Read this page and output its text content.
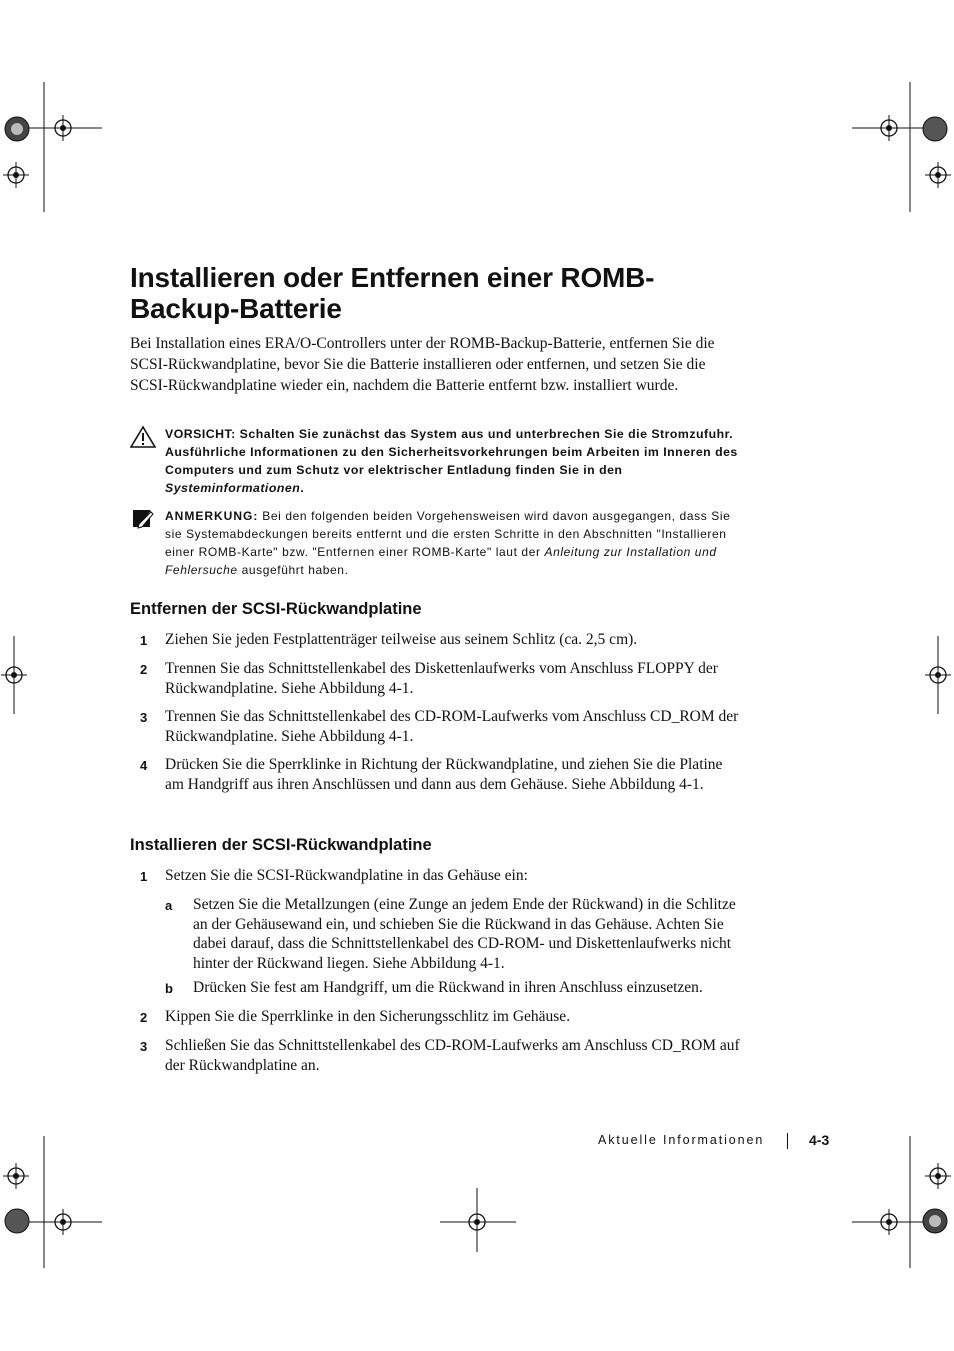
Installieren oder Entfernen einer ROMB-
Backup-Batterie

Bei Installation eines ERA/O-Controllers unter der ROMB-Backup-Batterie, entfernen Sie die SCSI-Rückwandplatine, bevor Sie die Batterie installieren oder entfernen, und setzen Sie die SCSI-Rückwandplatine wieder ein, nachdem die Batterie entfernt bzw. installiert wurde.

VORSICHT: Schalten Sie zunächst das System aus und unterbrechen Sie die Stromzufuhr. Ausführliche Informationen zu den Sicherheitsvorkehrungen beim Arbeiten im Inneren des Computers und zum Schutz vor elektrischer Entladung finden Sie in den Systeminformationen.
ANMERKUNG: Bei den folgenden beiden Vorgehensweisen wird davon ausgegangen, dass Sie sie Systemabdeckungen bereits entfernt und die ersten Schritte in den Abschnitten "Installieren einer ROMB-Karte" bzw. "Entfernen einer ROMB-Karte" laut der Anleitung zur Installation und Fehlersuche ausgeführt haben.
Entfernen der SCSI-Rückwandplatine
1 Ziehen Sie jeden Festplattenträger teilweise aus seinem Schlitz (ca. 2,5 cm).
2 Trennen Sie das Schnittstellenkabel des Diskettenlaufwerks vom Anschluss FLOPPY der Rückwandplatine. Siehe Abbildung 4-1.
3 Trennen Sie das Schnittstellenkabel des CD-ROM-Laufwerks vom Anschluss CD_ROM der Rückwandplatine. Siehe Abbildung 4-1.
4 Drücken Sie die Sperrklinke in Richtung der Rückwandplatine, und ziehen Sie die Platine am Handgriff aus ihren Anschlüssen und dann aus dem Gehäuse. Siehe Abbildung 4-1.
Installieren der SCSI-Rückwandplatine
1 Setzen Sie die SCSI-Rückwandplatine in das Gehäuse ein:
a Setzen Sie die Metallzungen (eine Zunge an jedem Ende der Rückwand) in die Schlitze an der Gehäusewand ein, und schieben Sie die Rückwand in das Gehäuse. Achten Sie dabei darauf, dass die Schnittstellenkabel des CD-ROM- und Diskettenlaufwerks nicht hinter der Rückwand liegen. Siehe Abbildung 4-1.
b Drücken Sie fest am Handgriff, um die Rückwand in ihren Anschluss einzusetzen.
2 Kippen Sie die Sperrklinke in den Sicherungsschlitz im Gehäuse.
3 Schließen Sie das Schnittstellenkabel des CD-ROM-Laufwerks am Anschluss CD_ROM auf der Rückwandplatine an.
Aktuelle Informationen	4-3
